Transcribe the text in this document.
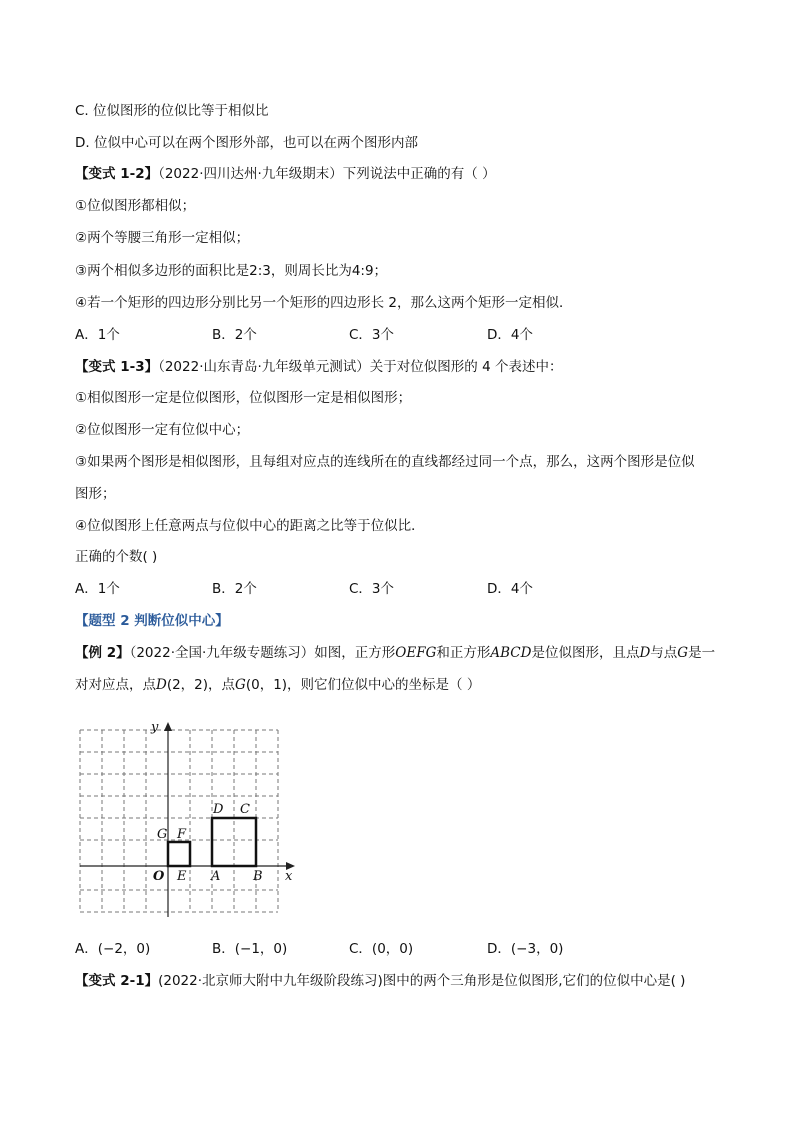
C. 位似图形的位似比等于相似比
D. 位似中心可以在两个图形外部，也可以在两个图形内部
【变式 1-2】（2022·四川达州·九年级期末）下列说法中正确的有（ ）
①位似图形都相似；
②两个等腰三角形一定相似；
③两个相似多边形的面积比是2:3，则周长比为4:9；
④若一个矩形的四边形分别比另一个矩形的四边形长 2，那么这两个矩形一定相似．
A．1个	B．2个	C．3个	D．4个
【变式 1-3】（2022·山东青岛·九年级单元测试）关于对位似图形的 4 个表述中：
①相似图形一定是位似图形，位似图形一定是相似图形；
②位似图形一定有位似中心；
③如果两个图形是相似图形，且每组对应点的连线所在的直线都经过同一个点，那么，这两个图形是位似
图形；
④位似图形上任意两点与位似中心的距离之比等于位似比．
正确的个数( )
A．1个	B．2个	C．3个	D．4个
【题型 2 判断位似中心】
【例 2】（2022·全国·九年级专题练习）如图，正方形OEFG和正方形ABCD是位似图形，且点D与点G是一
对对应点，点D(2，2)，点G(0，1)，则它们位似中心的坐标是（ ）
y
x
O E A	B
G F
D C
A．(−2，0)	B．(−1，0)	C．(0，0)	D．(−3，0)
【变式 2-1】(2022·北京师大附中九年级阶段练习)图中的两个三角形是位似图形,它们的位似中心是( )
